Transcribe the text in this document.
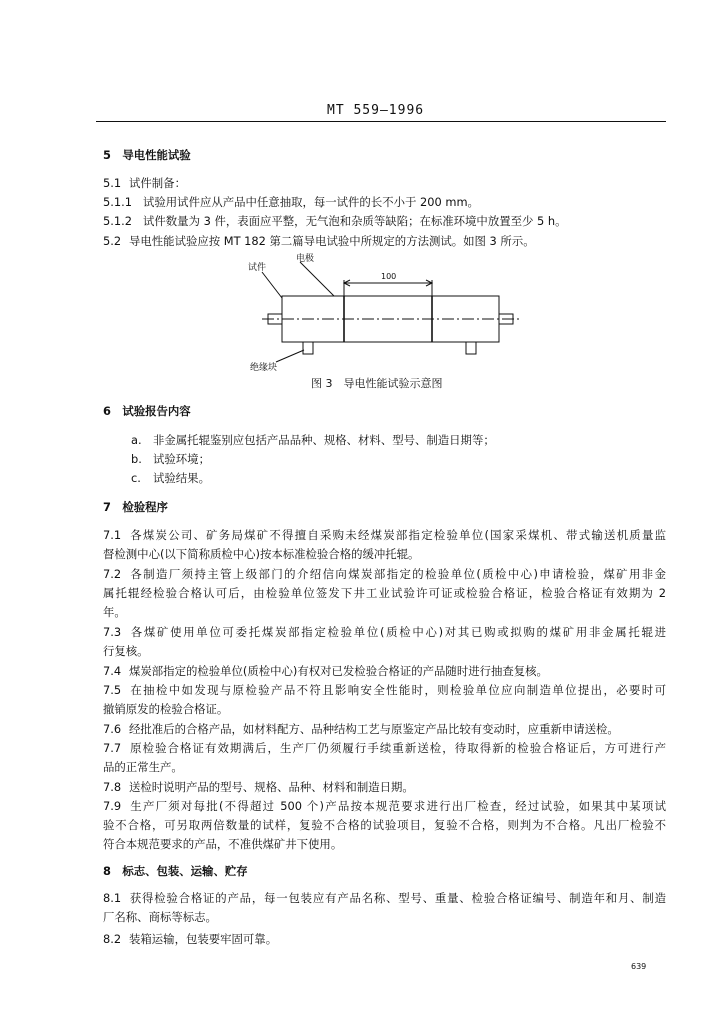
MT 559—1996
5　导电性能试验
5.1 试件制备：
5.1.1 试验用试件应从产品中任意抽取，每一试件的长不小于 200 mm。
5.1.2 试件数量为 3 件，表面应平整，无气泡和杂质等缺陷；在标准环境中放置至少 5 h。
5.2 导电性能试验应按 MT 182 第二篇导电试验中所规定的方法测试。如图 3 所示。
试件
电极
100
绝缘块
图 3　导电性能试验示意图
6　试验报告内容
a. 非金属托辊鉴别应包括产品品种、规格、材料、型号、制造日期等；
b. 试验环境；
c. 试验结果。
7　检验程序
7.1 各煤炭公司、矿务局煤矿不得擅自采购未经煤炭部指定检验单位(国家采煤机、带式输送机质量监
督检测中心(以下简称质检中心)按本标准检验合格的缓冲托辊。
7.2 各制造厂须持主管上级部门的介绍信向煤炭部指定的检验单位(质检中心)申请检验，煤矿用非金
属托辊经检验合格认可后，由检验单位签发下井工业试验许可证或检验合格证，检验合格证有效期为 2
年。
7.3 各煤矿使用单位可委托煤炭部指定检验单位(质检中心)对其已购或拟购的煤矿用非金属托辊进
行复核。
7.4 煤炭部指定的检验单位(质检中心)有权对已发检验合格证的产品随时进行抽查复核。
7.5 在抽检中如发现与原检验产品不符且影响安全性能时，则检验单位应向制造单位提出，必要时可
撤销原发的检验合格证。
7.6 经批准后的合格产品，如材料配方、品种结构工艺与原鉴定产品比较有变动时，应重新申请送检。
7.7 原检验合格证有效期满后，生产厂仍须履行手续重新送检，待取得新的检验合格证后，方可进行产
品的正常生产。
7.8 送检时说明产品的型号、规格、品种、材料和制造日期。
7.9 生产厂须对每批(不得超过 500 个)产品按本规范要求进行出厂检查，经过试验，如果其中某项试
验不合格，可另取两倍数量的试样，复验不合格的试验项目，复验不合格，则判为不合格。凡出厂检验不
符合本规范要求的产品，不准供煤矿井下使用。
8　标志、包装、运输、贮存
8.1 获得检验合格证的产品，每一包装应有产品名称、型号、重量、检验合格证编号、制造年和月、制造
厂名称、商标等标志。
8.2 装箱运输，包装要牢固可靠。
639
